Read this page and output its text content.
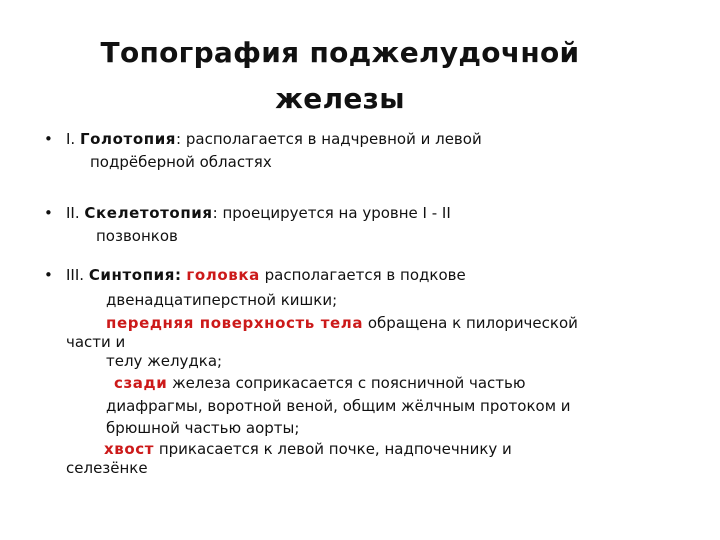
Топография поджелудочной
железы
• I. Голотопия: располагается в надчревной и левой
подрёберной областях
• II. Скелетотопия: проецируется на уровне I - II
позвонков
• III. Синтопия: головка располагается в подкове
двенадцатиперстной кишки;
передняя поверхность тела обращена к пилорической
части и
телу желудка;
сзади железа соприкасается с поясничной частью
диафрагмы, воротной веной, общим жёлчным протоком и
брюшной частью аорты;
хвост прикасается к левой почке, надпочечнику и
селезёнке
